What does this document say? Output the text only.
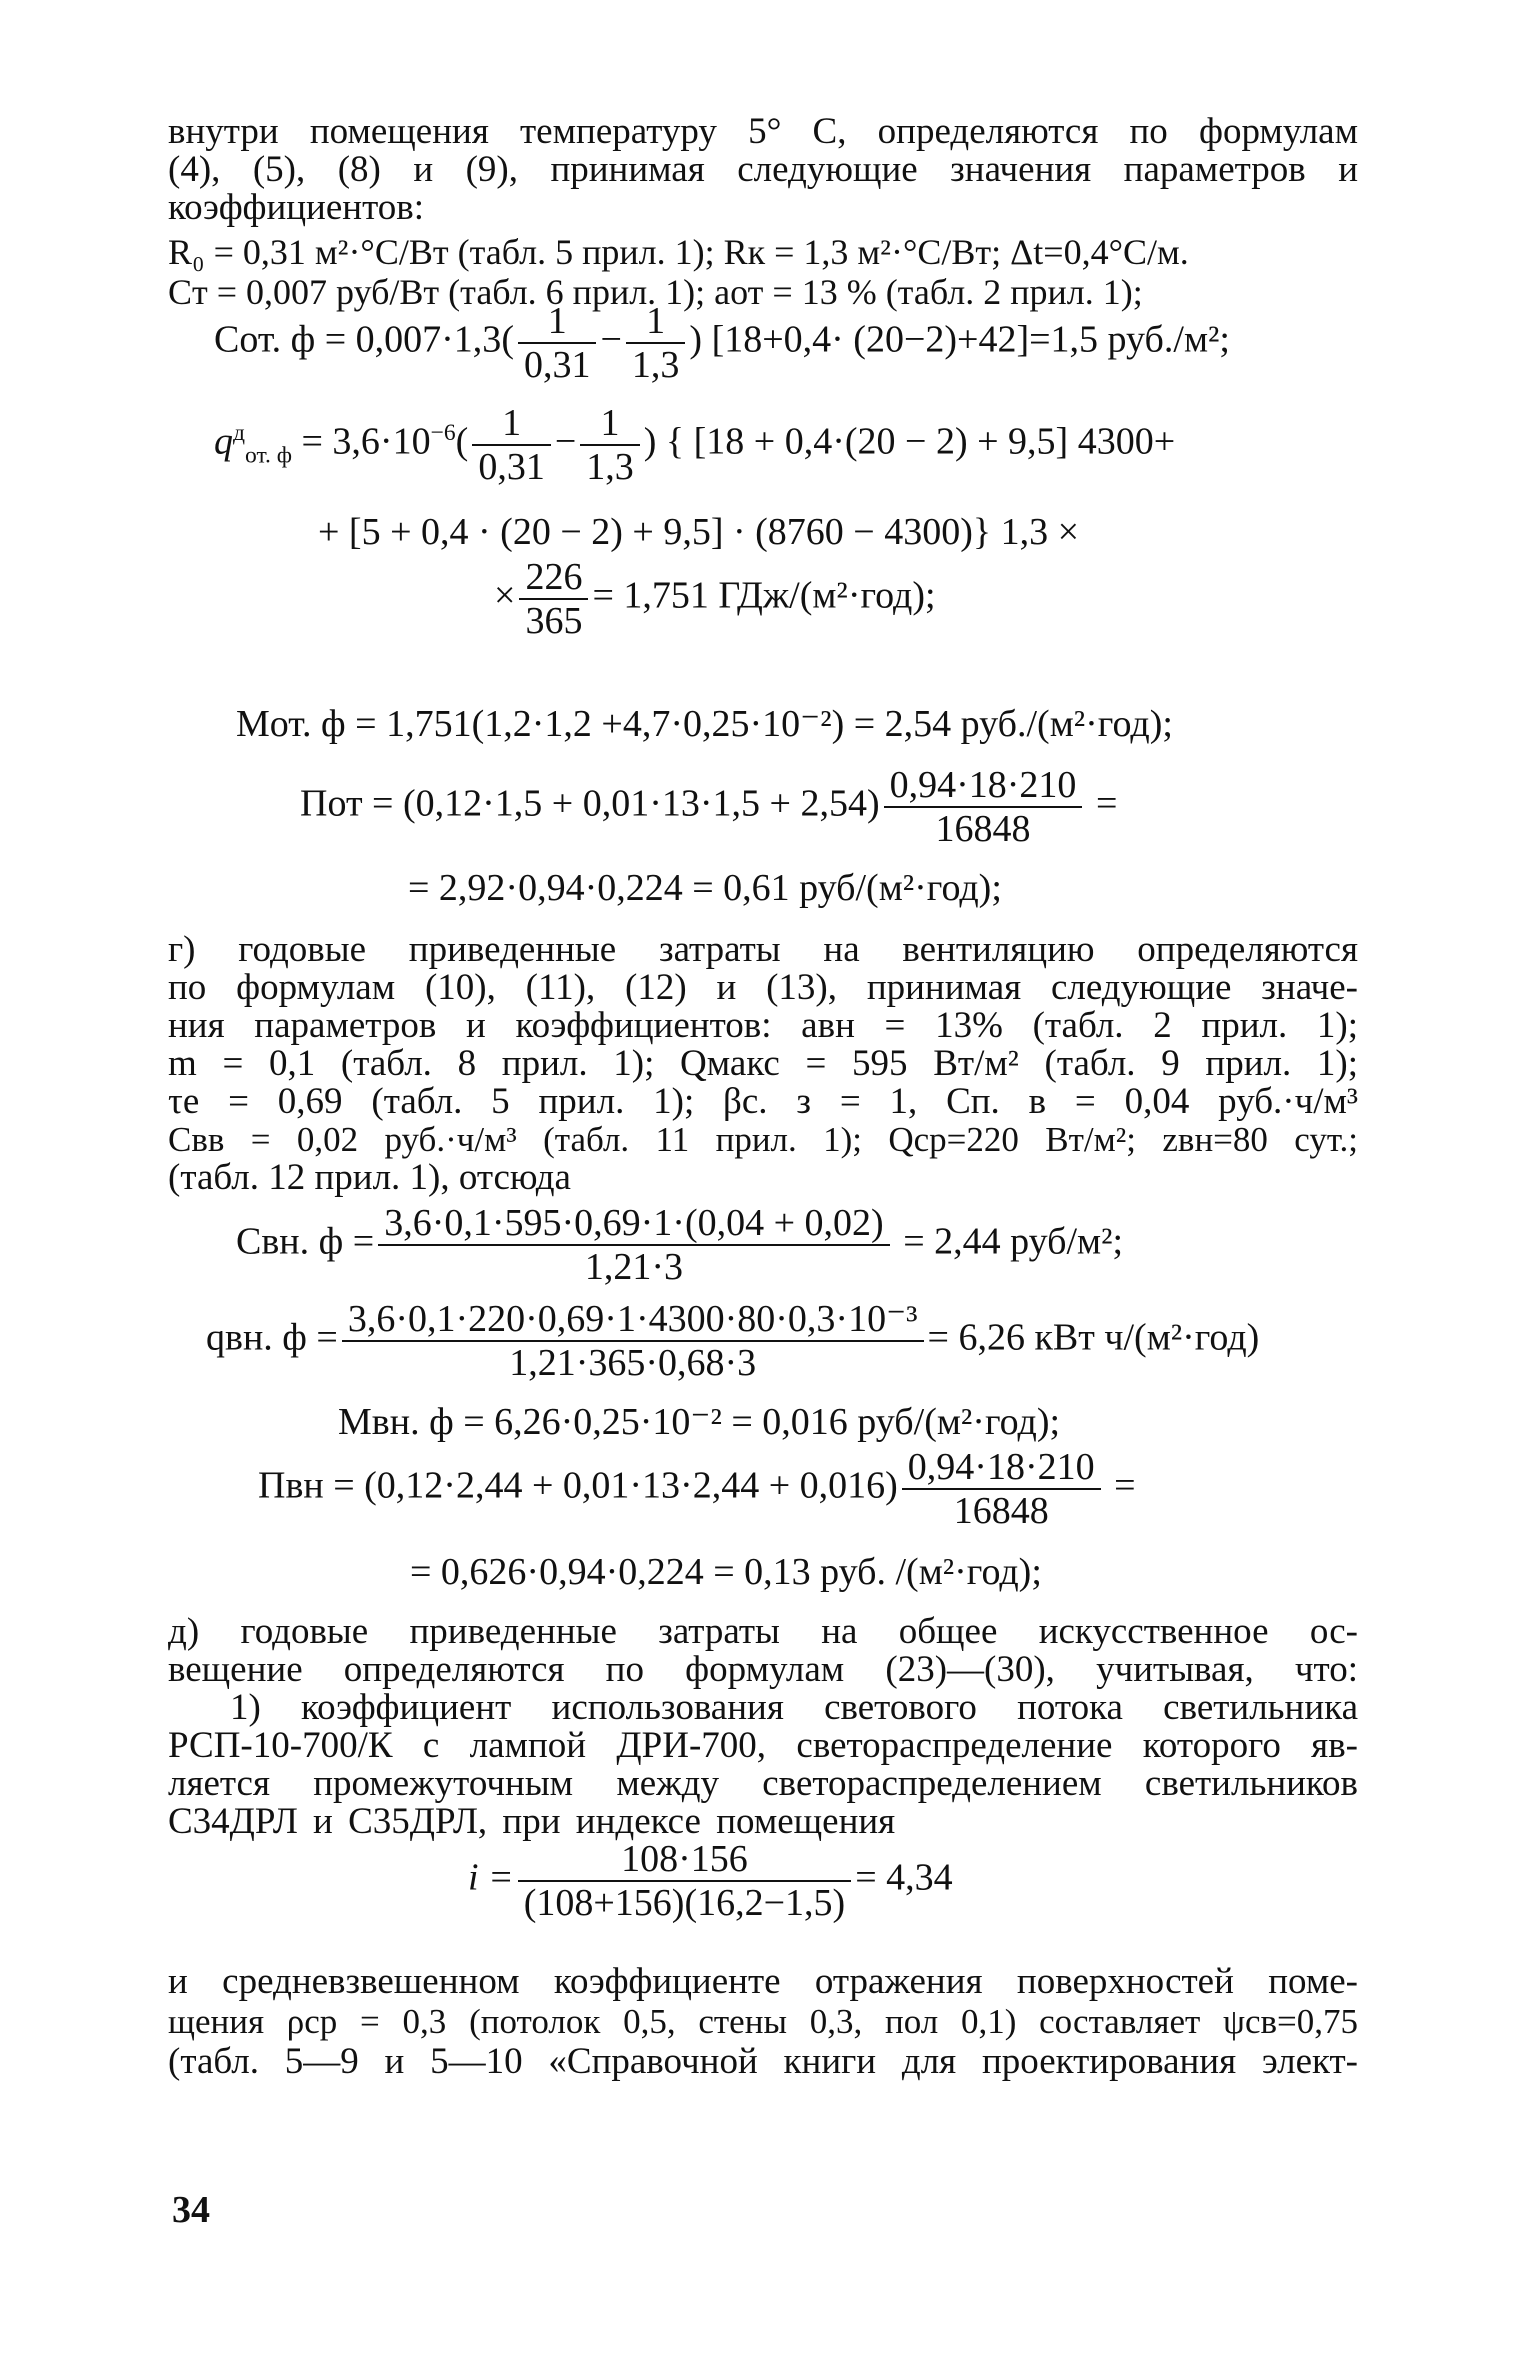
внутри помещения температуру 5° С, определяются по формулам
(4), (5), (8) и (9), принимая следующие значения параметров и
коэффициентов:
R₀ = 0,31 м²·°С/Вт (табл. 5 прил. 1); Rк = 1,3 м²·°С/Вт; Δt=0,4°С/м.
Cт = 0,007 руб/Вт (табл. 6 прил. 1); aот = 13 % (табл. 2 прил. 1);
Cот. $ф = 0,007\cdot 1,3( \frac{1}{0,31} - \frac{1}{1,3}$ ) [18+0,4· (20−2)+42]=1,5 руб./м²;
$q^д_{от. ф} = 3,6\cdot 10^{-6}( \frac{1}{0,31} - \frac{1}{1,3}$ ) { [18 + 0,4·(20 − 2) + 9,5] 4300+
+ [5 + 0,4 · (20 − 2) + 9,5] · (8760 − 4300)} 1,3 ×
× $\frac{226}{365} = 1,751$ ГДж/(м²·год);
Mот. ф = 1,751(1,2·1,2 +4,7·0,25·10⁻²) = 2,54 руб./(м²·год);
Пот = $(0,12\cdot 1,5 + 0,01\cdot 13\cdot 1,5 + 2,54) \frac{0,94\cdot 18\cdot 210}{16848}$ =
= 2,92·0,94·0,224 = 0,61 руб/(м²·год);
г) годовые приведенные затраты на вентиляцию определяются
по формулам (10), (11), (12) и (13), принимая следующие значе-
ния параметров и коэффициентов: aвн = 13% (табл. 2 прил. 1);
m = 0,1 (табл. 8 прил. 1); Qмакс = 595 Вт/м² (табл. 9 прил. 1);
τе = 0,69 (табл. 5 прил. 1); βс. з = 1, Cп. в = 0,04 руб.·ч/м³
Cвв = 0,02 руб.·ч/м³ (табл. 11 прил. 1); Qср=220 Вт/м²; zвн=80 сут.;
(табл. 12 прил. 1), отсюда
Cвн. $ф = \frac{3,6\cdot 0,1\cdot 595\cdot 0,69\cdot 1\cdot(0,04 + 0,02)}{1,21\cdot 3} = 2,44$ руб/м²;
qвн. $ф = \frac{\text{3,6·0,1·220·0,69·1·4300·80·0,3·10⁻³}}{1,21\cdot 365\cdot 0,68\cdot 3} = 6,26$ кВт ч/(м²·год)
Mвн. ф = 6,26·0,25·10⁻² = 0,016 руб/(м²·год);
Пвн = $(0,12\cdot 2,44 + 0,01\cdot 13\cdot 2,44 + 0,016) \frac{0,94\cdot 18\cdot 210}{16848}$ =
= 0,626·0,94·0,224 = 0,13 руб. /(м²·год);
д) годовые приведенные затраты на общее искусственное ос-
вещение определяются по формулам (23)—(30), учитывая, что:
1) коэффициент использования светового потока светильника
РСП-10-700/К с лампой ДРИ-700, светораспределение которого яв-
ляется промежуточным между светораспределением светильников
С34ДРЛ и С35ДРЛ, при индексе помещения
$i = \frac{108\cdot 156}{(108+156)(16,2-1,5)} = 4,34$
и средневзвешенном коэффициенте отражения поверхностей поме-
щения ρср = 0,3 (потолок 0,5, стены 0,3, пол 0,1) составляет ψсв=0,75
(табл. 5—9 и 5—10 «Справочной книги для проектирования элект-
34
